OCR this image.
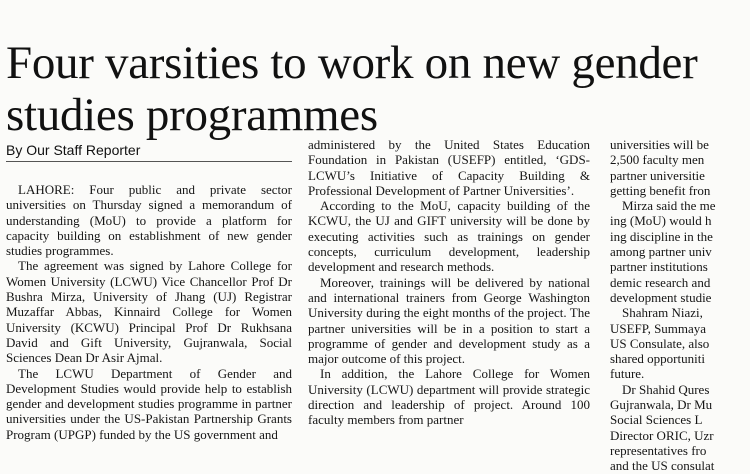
Four varsities to work on new gender studies programmes
By Our Staff Reporter

LAHORE: Four public and private sector universities on Thursday signed a memorandum of understanding (MoU) to provide a platform for capacity building on establishment of new gender studies programmes.

The agreement was signed by Lahore College for Women University (LCWU) Vice Chancellor Prof Dr Bushra Mirza, University of Jhang (UJ) Registrar Muzaffar Abbas, Kinnaird College for Women University (KCWU) Principal Prof Dr Rukhsana David and Gift University, Gujranwala, Social Sciences Dean Dr Asir Ajmal.

The LCWU Department of Gender and Development Studies would provide help to establish gender and development studies programme in partner universities under the US-Pakistan Partnership Grants Program (UPGP) funded by the US government and

administered by the United States Education Foundation in Pakistan (USEFP) entitled, ‘GDS-LCWU’s Initiative of Capacity Building & Professional Development of Partner Universities’.

According to the MoU, capacity building of the KCWU, the UJ and GIFT university will be done by executing activities such as trainings on gender concepts, curriculum development, leadership development and research methods.

Moreover, trainings will be delivered by national and international trainers from George Washington University during the eight months of the project. The partner universities will be in a position to start a programme of gender and development study as a major outcome of this project.

In addition, the Lahore College for Women University (LCWU) department will provide strategic direction and leadership of project. Around 100 faculty members from partner

universities will be

2,500 faculty men

partner universitie

getting benefit fron

Mirza said the me

ing (MoU) would h

ing discipline in the

among partner univ

partner institutions

demic research and

development studie

Shahram Niazi,

USEFP, Summaya

US Consulate, also

shared opportuniti

future.

Dr Shahid Qures

Gujranwala, Dr Mu

Social Sciences L

Director ORIC, Uzr

representatives fro

and the US consulat
